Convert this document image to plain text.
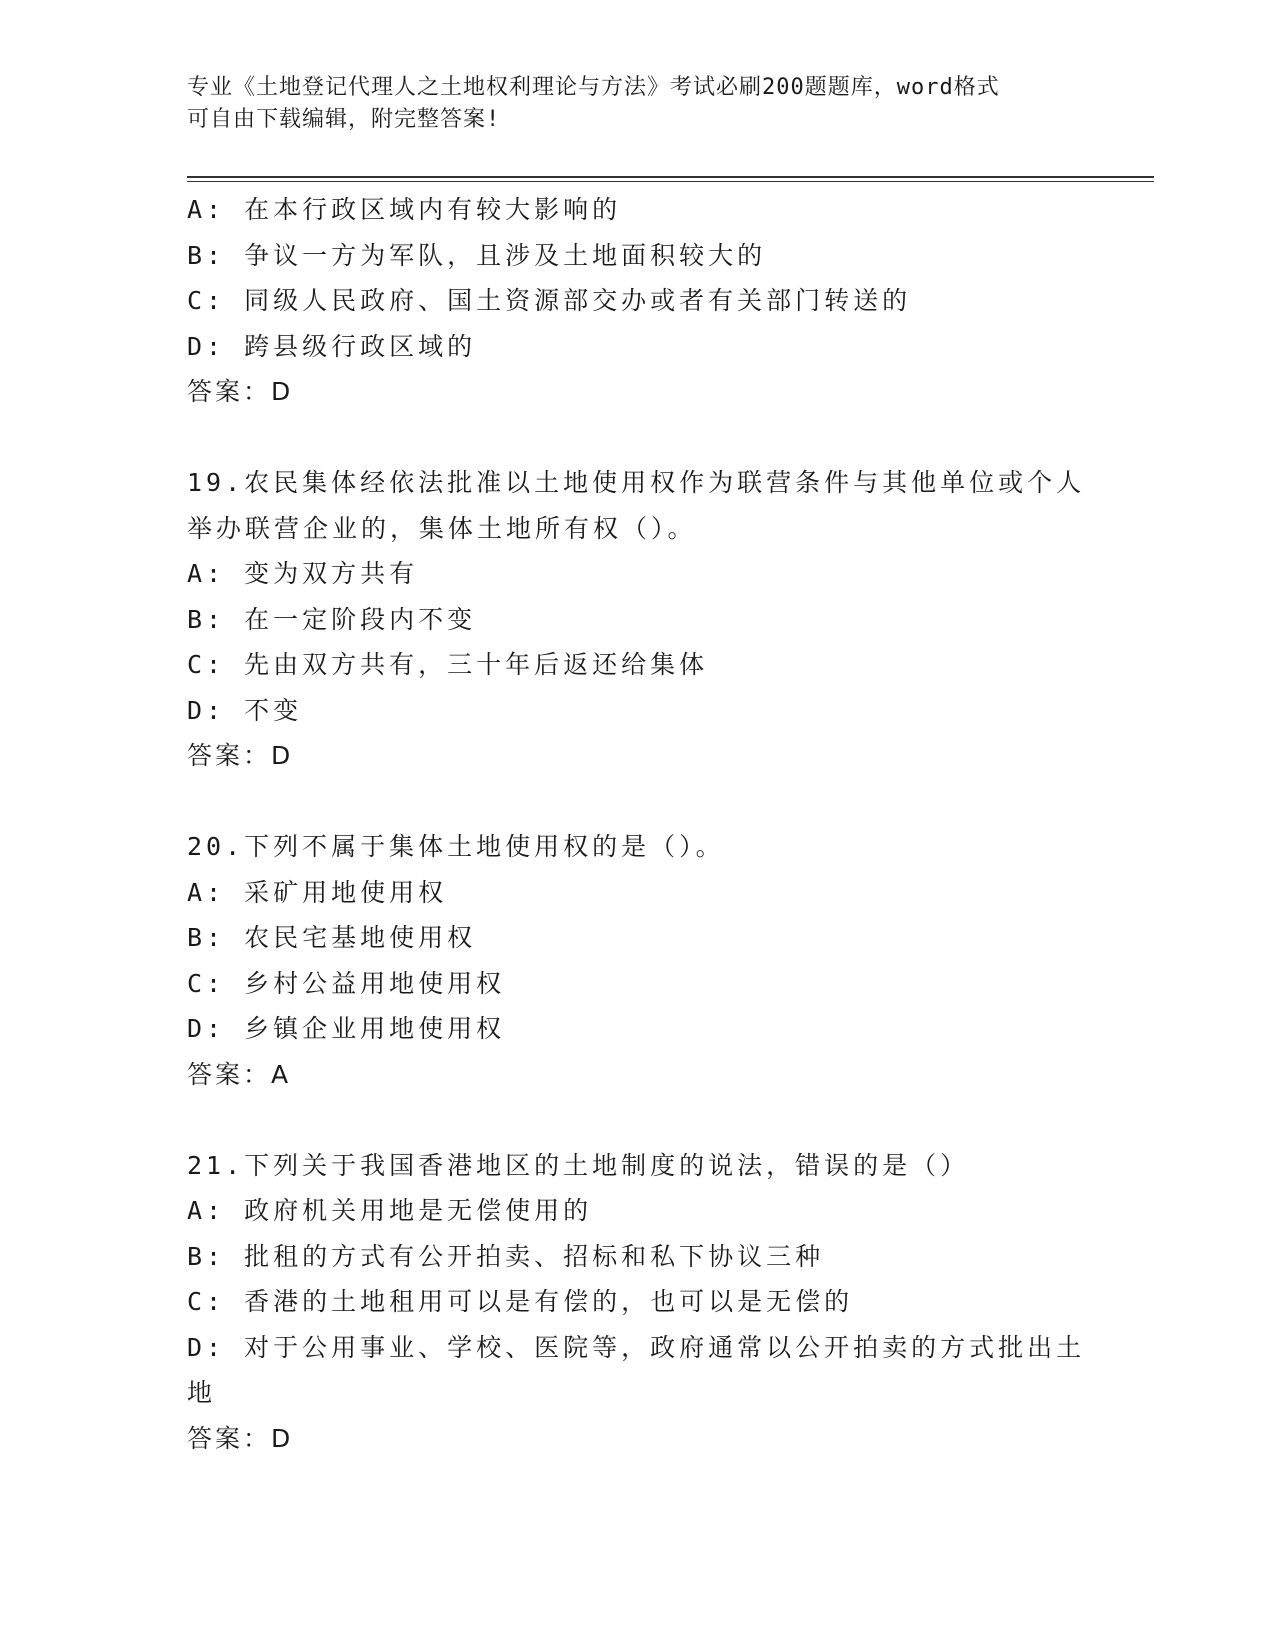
专业《土地登记代理人之土地权利理论与方法》考试必刷200题题库，word格式
可自由下载编辑，附完整答案!
A: 在本行政区域内有较大影响的
B: 争议一方为军队，且涉及土地面积较大的
C: 同级人民政府、国土资源部交办或者有关部门转送的
D: 跨县级行政区域的
答案：D
19.农民集体经依法批准以土地使用权作为联营条件与其他单位或个人
举办联营企业的，集体土地所有权（）。
A: 变为双方共有
B: 在一定阶段内不变
C: 先由双方共有，三十年后返还给集体
D: 不变
答案：D
20.下列不属于集体土地使用权的是（）。
A: 采矿用地使用权
B: 农民宅基地使用权
C: 乡村公益用地使用权
D: 乡镇企业用地使用权
答案：A
21.下列关于我国香港地区的土地制度的说法，错误的是（）
A: 政府机关用地是无偿使用的
B: 批租的方式有公开拍卖、招标和私下协议三种
C: 香港的土地租用可以是有偿的，也可以是无偿的
D: 对于公用事业、学校、医院等，政府通常以公开拍卖的方式批出土
地
答案：D
